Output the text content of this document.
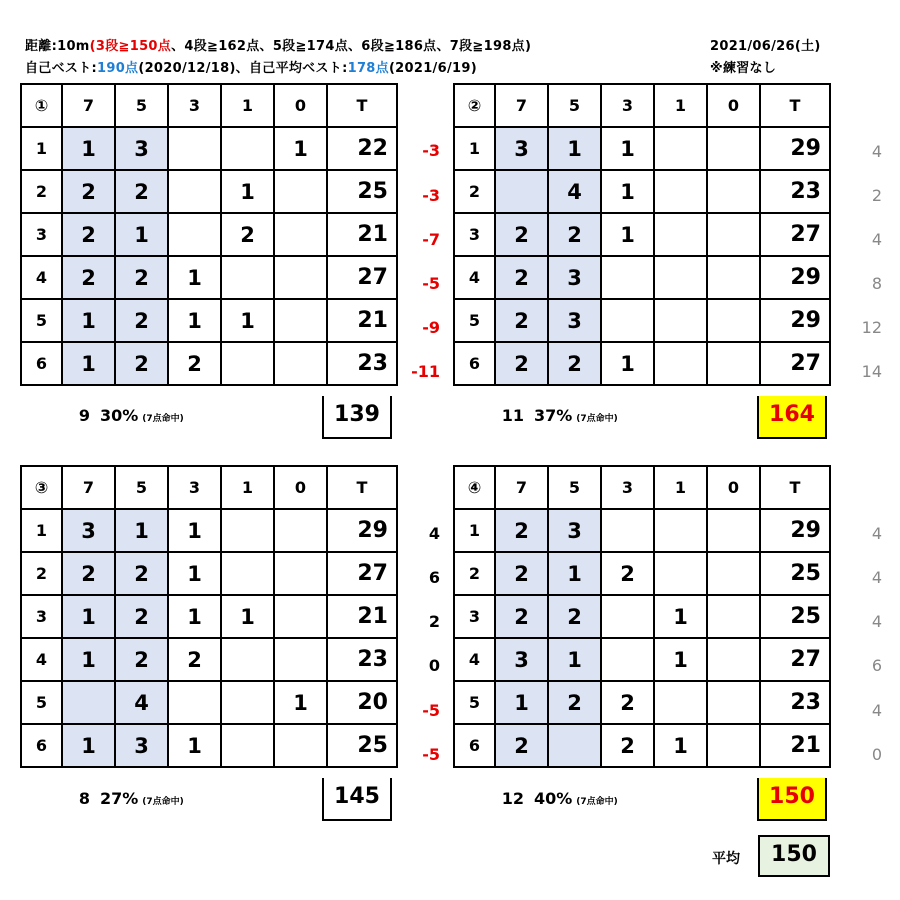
距離:10m(3段≧150点、4段≧162点、5段≧174点、6段≧186点、7段≧198点)	2021/06/26(土)
自己ベスト:190点(2020/12/18)、自己平均ベスト:178点(2021/6/19)	※練習なし
①	7	5	3	1	0	T
1	1	3			1	22
2	2	2		1		25
3	2	1		2		21
4	2	2	1			27
5	1	2	1	1		21
6	1	2	2			23
139
9 30% (7点命中)
-3
-3
-7
-5
-9
-11
②	7	5	3	1	0	T
1	3	1	1			29
2		4	1			23
3	2	2	1			27
4	2	3				29
5	2	3				29
6	2	2	1			27
164
11 37% (7点命中)
4
2
4
8
12
14
③	7	5	3	1	0	T
1	3	1	1			29
2	2	2	1			27
3	1	2	1	1		21
4	1	2	2			23
5		4			1	20
6	1	3	1			25
145
8 27% (7点命中)
4
6
2
0
-5
-5
④	7	5	3	1	0	T
1	2	3				29
2	2	1	2			25
3	2	2		1		25
4	3	1		1		27
5	1	2	2			23
6	2		2	1		21
150
12 40% (7点命中)
4
4
4
6
4
0
平均	150
